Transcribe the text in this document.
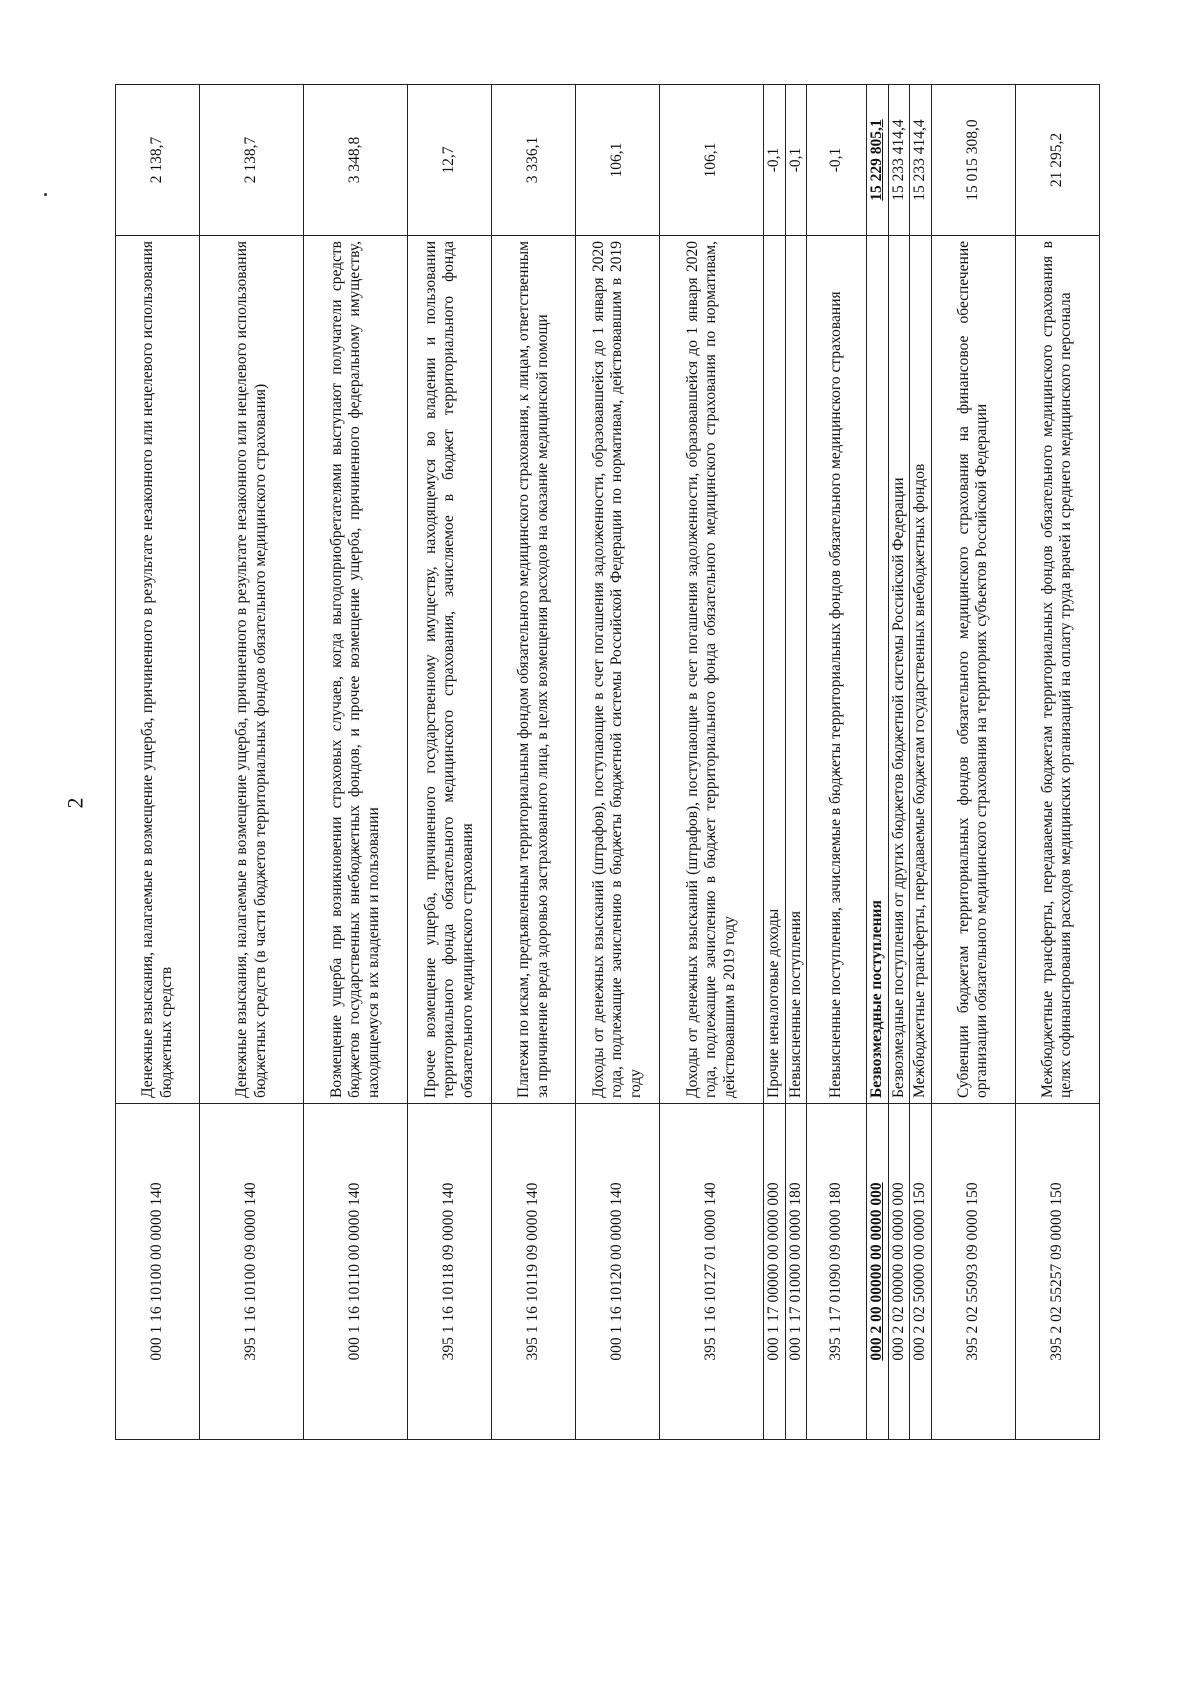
2
000 1 16 10100 00 0000 140	Денежные взыскания, налагаемые в возмещение ущерба, причиненного в результате незаконного или нецелевого использования бюджетных средств	2 138,7
395 1 16 10100 09 0000 140	Денежные взыскания, налагаемые в возмещение ущерба, причиненного в результате незаконного или нецелевого использования бюджетных средств (в части бюджетов территориальных фондов обязательного медицинского страхования)	2 138,7
000 1 16 10110 00 0000 140	Возмещение ущерба при возникновении страховых случаев, когда выгодоприобретателями выступают получатели средств бюджетов государственных внебюджетных фондов, и прочее возмещение ущерба, причиненного федеральному имуществу, находящемуся в их владении и пользовании	3 348,8
395 1 16 10118 09 0000 140	Прочее возмещение ущерба, причиненного государственному имуществу, находящемуся во владении и пользовании территориального фонда обязательного медицинского страхования, зачисляемое в бюджет территориального фонда обязательного медицинского страхования	12,7
395 1 16 10119 09 0000 140	Платежи по искам, предъявленным территориальным фондом обязательного медицинского страхования, к лицам, ответственным за причинение вреда здоровью застрахованного лица, в целях возмещения расходов на оказание медицинской помощи	3 336,1
000 1 16 10120 00 0000 140	Доходы от денежных взысканий (штрафов), поступающие в счет погашения задолженности, образовавшейся до 1 января 2020 года, подлежащие зачислению в бюджеты бюджетной системы Российской Федерации по нормативам, действовавшим в 2019 году	106,1
395 1 16 10127 01 0000 140	Доходы от денежных взысканий (штрафов), поступающие в счет погашения задолженности, образовавшейся до 1 января 2020 года, подлежащие зачислению в бюджет территориального фонда обязательного медицинского страхования по нормативам, действовавшим в 2019 году	106,1
000 1 17 00000 00 0000 000	Прочие неналоговые доходы	-0,1
000 1 17 01000 00 0000 180	Невыясненные поступления	-0,1
395 1 17 01090 09 0000 180	Невыясненные поступления, зачисляемые в бюджеты территориальных фондов обязательного медицинского страхования	-0,1
000 2 00 00000 00 0000 000	Безвозмездные поступления	15 229 805,1
000 2 02 00000 00 0000 000	Безвозмездные поступления от других бюджетов бюджетной системы Российской Федерации	15 233 414,4
000 2 02 50000 00 0000 150	Межбюджетные трансферты, передаваемые бюджетам государственных внебюджетных фондов	15 233 414,4
395 2 02 55093 09 0000 150	Субвенции бюджетам территориальных фондов обязательного медицинского страхования на финансовое обеспечение организации обязательного медицинского страхования на территориях субъектов Российской Федерации	15 015 308,0
395 2 02 55257 09 0000 150	Межбюджетные трансферты, передаваемые бюджетам территориальных фондов обязательного медицинского страхования в целях софинансирования расходов медицинских организаций на оплату труда врачей и среднего медицинского персонала	21 295,2
